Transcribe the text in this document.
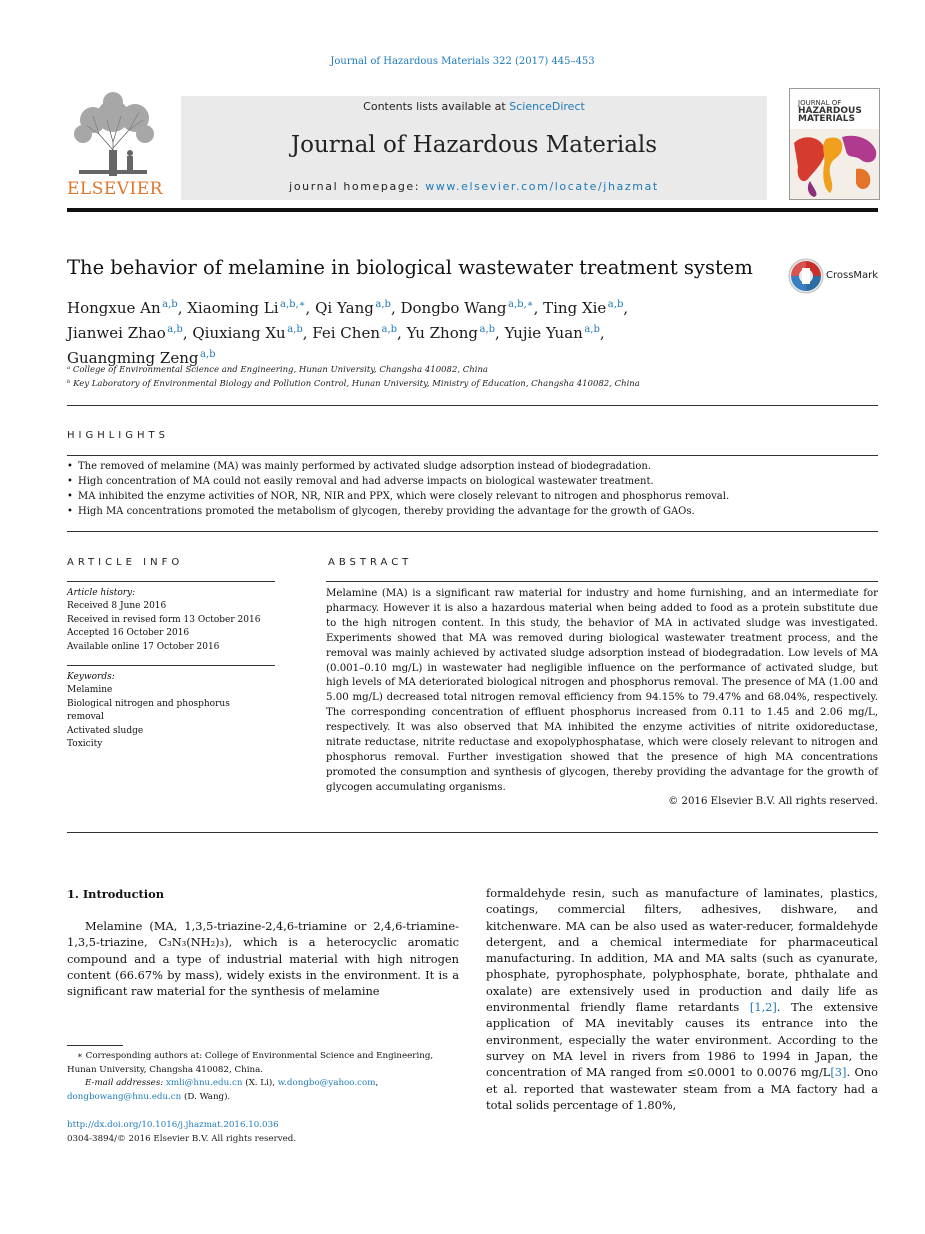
Journal of Hazardous Materials 322 (2017) 445–453
ELSEVIER
Contents lists available at ScienceDirect
Journal of Hazardous Materials
journal homepage: www.elsevier.com/locate/jhazmat
JOURNAL OF
HAZARDOUS
MATERIALS
The behavior of melamine in biological wastewater treatment system	CrossMark
Hongxue An  $^{a,b}$, Xiaoming Li  $^{a,b,∗}$, Qi Yang  $^{a,b}$, Dongbo Wang  $^{a,b,∗}$, Ting Xie  $^{a,b}$,
Jianwei Zhao  $^{a,b}$, Qiuxiang Xu  $^{a,b}$, Fei Chen  $^{a,b}$, Yu Zhong  $^{a,b}$, Yujie Yuan  $^{a,b}$,
Guangming Zeng  $^{a,b}$
ᵃ College of Environmental Science and Engineering, Hunan University, Changsha 410082, China
ᵇ Key Laboratory of Environmental Biology and Pollution Control, Hunan University, Ministry of Education, Changsha 410082, China
HIGHLIGHTS
• The removed of melamine (MA) was mainly performed by activated sludge adsorption instead of biodegradation.
• High concentration of MA could not easily removal and had adverse impacts on biological wastewater treatment.
• MA inhibited the enzyme activities of NOR, NR, NIR and PPX, which were closely relevant to nitrogen and phosphorus removal.
• High MA concentrations promoted the metabolism of glycogen, thereby providing the advantage for the growth of GAOs.
ARTICLE INFO
Article history:
Received 8 June 2016
Received in revised form 13 October 2016
Accepted 16 October 2016
Available online 17 October 2016
Keywords:
Melamine
Biological nitrogen and phosphorus
removal
Activated sludge
Toxicity
ABSTRACT
Melamine (MA) is a significant raw material for industry and home furnishing, and an intermediate for pharmacy. However it is also a hazardous material when being added to food as a protein substitute due to the high nitrogen content. In this study, the behavior of MA in activated sludge was investigated. Experiments showed that MA was removed during biological wastewater treatment process, and the removal was mainly achieved by activated sludge adsorption instead of biodegradation. Low levels of MA (0.001–0.10 mg/L) in wastewater had negligible influence on the performance of activated sludge, but high levels of MA deteriorated biological nitrogen and phosphorus removal. The presence of MA (1.00 and 5.00 mg/L) decreased total nitrogen removal efficiency from 94.15% to 79.47% and 68.04%, respectively. The corresponding concentration of effluent phosphorus increased from 0.11 to 1.45 and 2.06 mg/L, respectively. It was also observed that MA inhibited the enzyme activities of nitrite oxidoreductase, nitrate reductase, nitrite reductase and exopolyphosphatase, which were closely relevant to nitrogen and phosphorus removal. Further investigation showed that the presence of high MA concentrations promoted the consumption and synthesis of glycogen, thereby providing the advantage for the growth of glycogen accumulating organisms.
© 2016 Elsevier B.V. All rights reserved.
1. Introduction
Melamine (MA, 1,3,5-triazine-2,4,6-triamine or 2,4,6-triamine-1,3,5-triazine, C₃N₃(NH₂)₃), which is a heterocyclic aromatic compound and a type of industrial material with high nitrogen content (66.67% by mass), widely exists in the environment. It is a significant raw material for the synthesis of melamine
formaldehyde resin, such as manufacture of laminates, plastics, coatings, commercial filters, adhesives, dishware, and kitchenware. MA can be also used as water-reducer, formaldehyde detergent, and a chemical intermediate for pharmaceutical manufacturing. In addition, MA and MA salts (such as cyanurate, phosphate, pyrophosphate, polyphosphate, borate, phthalate and oxalate) are extensively used in production and daily life as environmental friendly flame retardants [1,2]. The extensive application of MA inevitably causes its entrance into the environment, especially the water environment. According to the survey on MA level in rivers from 1986 to 1994 in Japan, the concentration of MA ranged from ≤0.0001 to 0.0076 mg/L[3]. Ono et al. reported that wastewater steam from a MA factory had a total solids percentage of 1.80%,
∗ Corresponding authors at: College of Environmental Science and Engineering, Hunan University, Changsha 410082, China.
E-mail addresses: xmli@hnu.edu.cn (X. Li), w.dongbo@yahoo.com, dongbowang@hnu.edu.cn (D. Wang).
http://dx.doi.org/10.1016/j.jhazmat.2016.10.036
0304-3894/© 2016 Elsevier B.V. All rights reserved.
